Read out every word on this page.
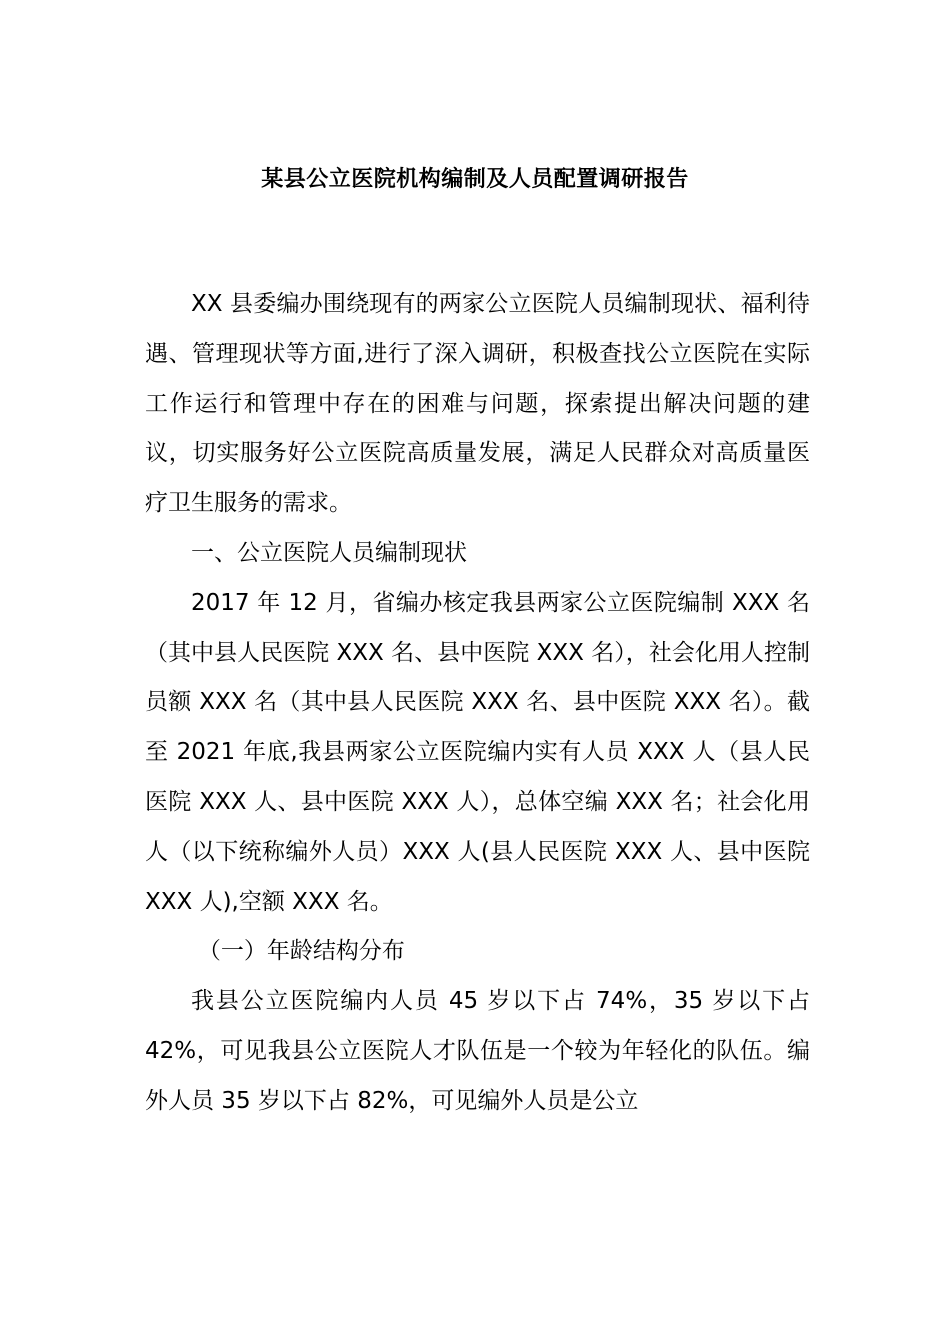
某县公立医院机构编制及人员配置调研报告

XX 县委编办围绕现有的两家公立医院人员编制现状、福利待遇、管理现状等方面,进行了深入调研，积极查找公立医院在实际工作运行和管理中存在的困难与问题，探索提出解决问题的建议，切实服务好公立医院高质量发展，满足人民群众对高质量医疗卫生服务的需求。

一、公立医院人员编制现状

2017 年 12 月，省编办核定我县两家公立医院编制 XXX 名（其中县人民医院 XXX 名、县中医院 XXX 名），社会化用人控制员额 XXX 名（其中县人民医院 XXX 名、县中医院 XXX 名）。截至 2021 年底,我县两家公立医院编内实有人员 XXX 人（县人民医院 XXX 人、县中医院 XXX 人），总体空编 XXX 名；社会化用人（以下统称编外人员）XXX 人(县人民医院 XXX 人、县中医院 XXX 人),空额 XXX 名。

（一）年龄结构分布

我县公立医院编内人员 45 岁以下占 74%，35 岁以下占 42%，可见我县公立医院人才队伍是一个较为年轻化的队伍。编外人员 35 岁以下占 82%，可见编外人员是公立
